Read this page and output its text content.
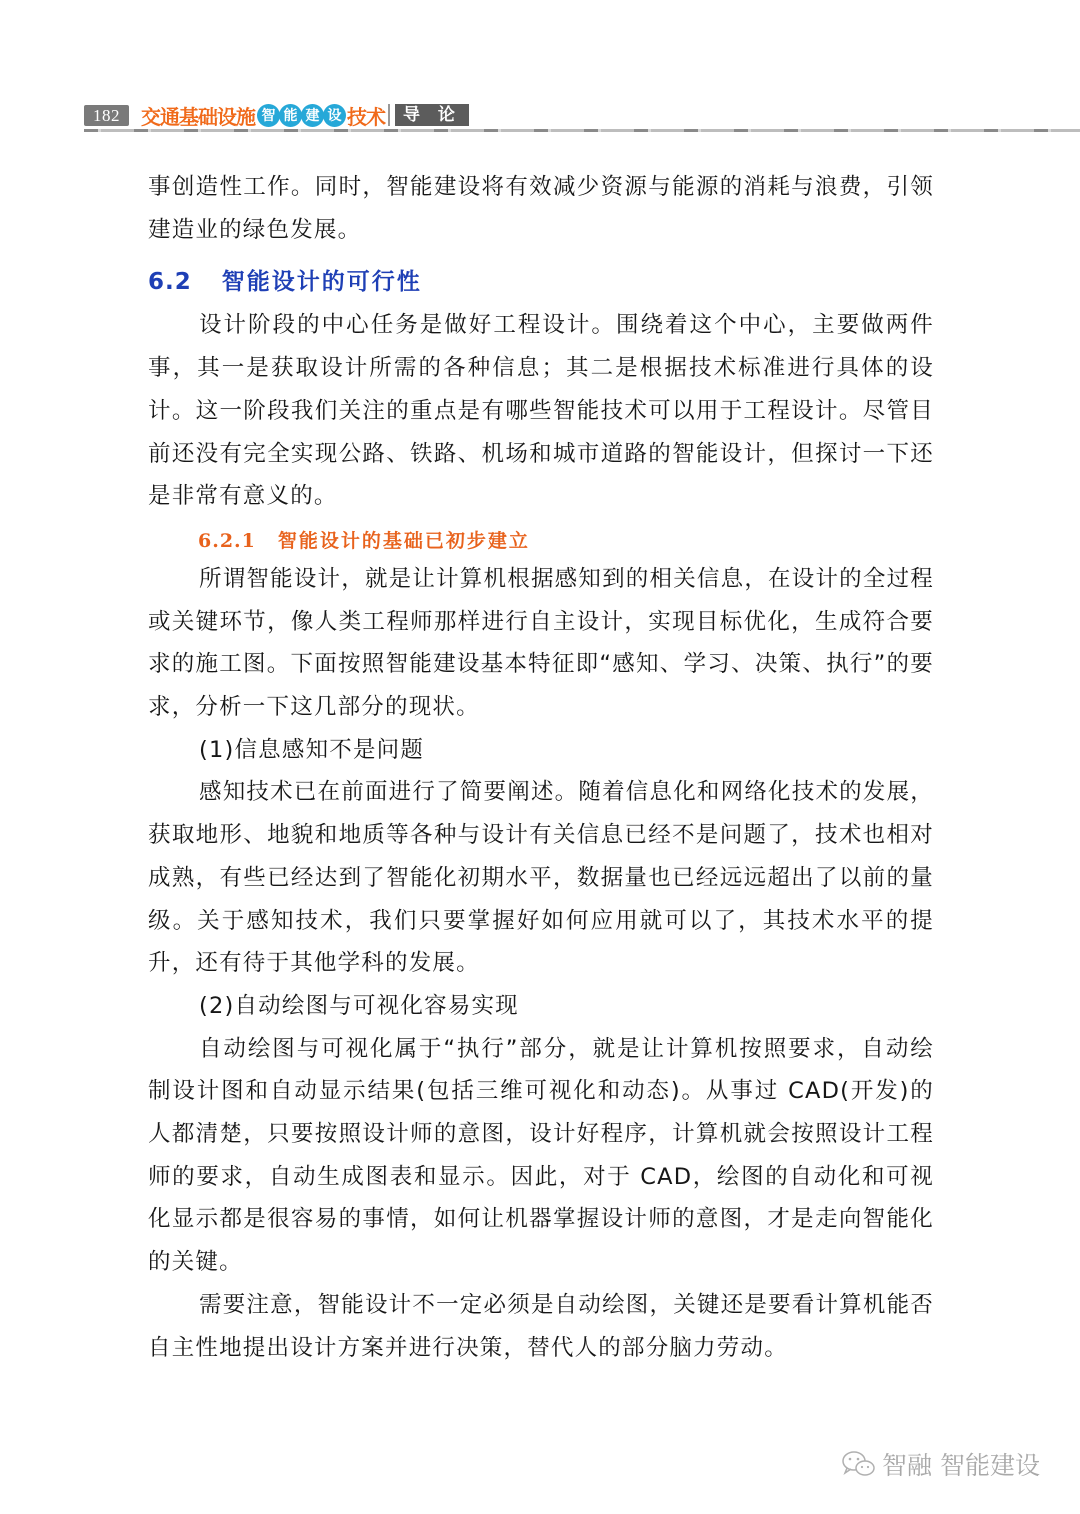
182	交通基础设施 智 能 建 设 技术	导 论

事创造性工作。同时，智能建设将有效减少资源与能源的消耗与浪费，引领建造业的绿色发展。

6.2 智能设计的可行性

设计阶段的中心任务是做好工程设计。围绕着这个中心，主要做两件事，其一是获取设计所需的各种信息；其二是根据技术标准进行具体的设计。这一阶段我们关注的重点是有哪些智能技术可以用于工程设计。尽管目前还没有完全实现公路、铁路、机场和城市道路的智能设计，但探讨一下还是非常有意义的。

6.2.1 智能设计的基础已初步建立

所谓智能设计，就是让计算机根据感知到的相关信息，在设计的全过程或关键环节，像人类工程师那样进行自主设计，实现目标优化，生成符合要求的施工图。下面按照智能建设基本特征即“感知、学习、决策、执行”的要求，分析一下这几部分的现状。

(1)信息感知不是问题

感知技术已在前面进行了简要阐述。随着信息化和网络化技术的发展，获取地形、地貌和地质等各种与设计有关信息已经不是问题了，技术也相对成熟，有些已经达到了智能化初期水平，数据量也已经远远超出了以前的量级。关于感知技术，我们只要掌握好如何应用就可以了，其技术水平的提升，还有待于其他学科的发展。

(2)自动绘图与可视化容易实现

自动绘图与可视化属于“执行”部分，就是让计算机按照要求，自动绘制设计图和自动显示结果(包括三维可视化和动态)。从事过 CAD(开发)的人都清楚，只要按照设计师的意图，设计好程序，计算机就会按照设计工程师的要求，自动生成图表和显示。因此，对于 CAD，绘图的自动化和可视化显示都是很容易的事情，如何让机器掌握设计师的意图，才是走向智能化的关键。

需要注意，智能设计不一定必须是自动绘图，关键还是要看计算机能否自主性地提出设计方案并进行决策，替代人的部分脑力劳动。

智融 智能建设
